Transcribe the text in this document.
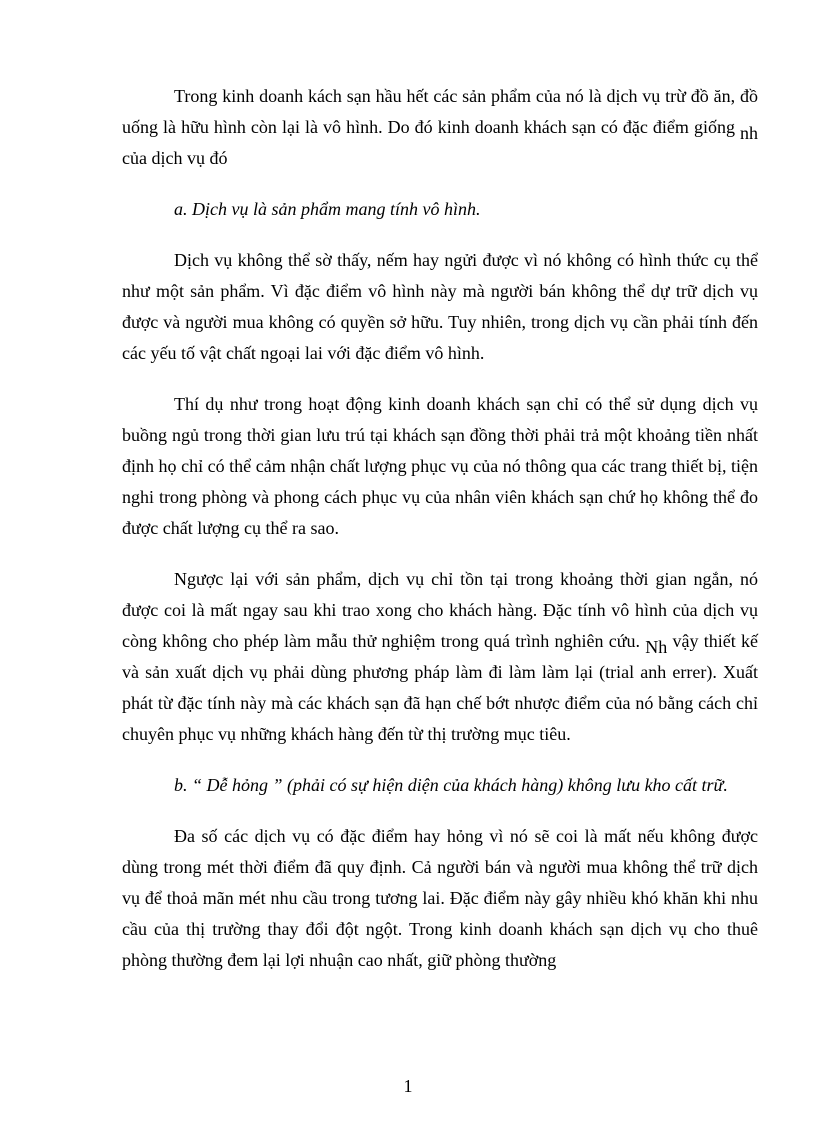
Trong kinh doanh kách sạn hầu hết các sản phẩm của nó là dịch vụ trừ đồ ăn, đồ uống là hữu hình còn lại là vô hình. Do đó kinh doanh khách sạn có đặc điểm giống nh của dịch vụ đó

a. Dịch vụ là sản phẩm mang tính vô hình.

Dịch vụ không thể sờ thấy, nếm hay ngửi được vì nó không có hình thức cụ thể như một sản phẩm. Vì đặc điểm vô hình này mà người bán không thể dự trữ dịch vụ được và người mua không có quyền sở hữu. Tuy nhiên, trong dịch vụ cần phải tính đến các yếu tố vật chất ngoại lai với đặc điểm vô hình.

Thí dụ như trong hoạt động kinh doanh khách sạn chỉ có thể sử dụng dịch vụ buồng ngủ trong thời gian lưu trú tại khách sạn đồng thời phải trả một khoảng tiền nhất định họ chỉ có thể cảm nhận chất lượng phục vụ của nó thông qua các trang thiết bị, tiện nghi trong phòng và phong cách phục vụ của nhân viên khách sạn chứ họ không thể đo được chất lượng cụ thể ra sao.

Ngược lại với sản phẩm, dịch vụ chỉ tồn tại trong khoảng thời gian ngắn, nó được coi là mất ngay sau khi trao xong cho khách hàng. Đặc tính vô hình của dịch vụ còng không cho phép làm mẫu thử nghiệm trong quá trình nghiên cứu. Nh vậy thiết kế và sản xuất dịch vụ phải dùng phương pháp làm đi làm làm lại (trial anh errer). Xuất phát từ đặc tính này mà các khách sạn đã hạn chế bớt nhược điểm của nó bằng cách chỉ chuyên phục vụ những khách hàng đến từ thị trường mục tiêu.

b. “ Dễ hỏng ” (phải có sự hiện diện của khách hàng) không lưu kho cất trữ.

Đa số các dịch vụ có đặc điểm hay hỏng vì nó sẽ coi là mất nếu không được dùng trong mét thời điểm đã quy định. Cả người bán và người mua không thể trữ dịch vụ để thoả mãn mét nhu cầu trong tương lai. Đặc điểm này gây nhiều khó khăn khi nhu cầu của thị trường thay đổi đột ngột. Trong kinh doanh khách sạn dịch vụ cho thuê phòng thường đem lại lợi nhuận cao nhất, giữ phòng thường

1
